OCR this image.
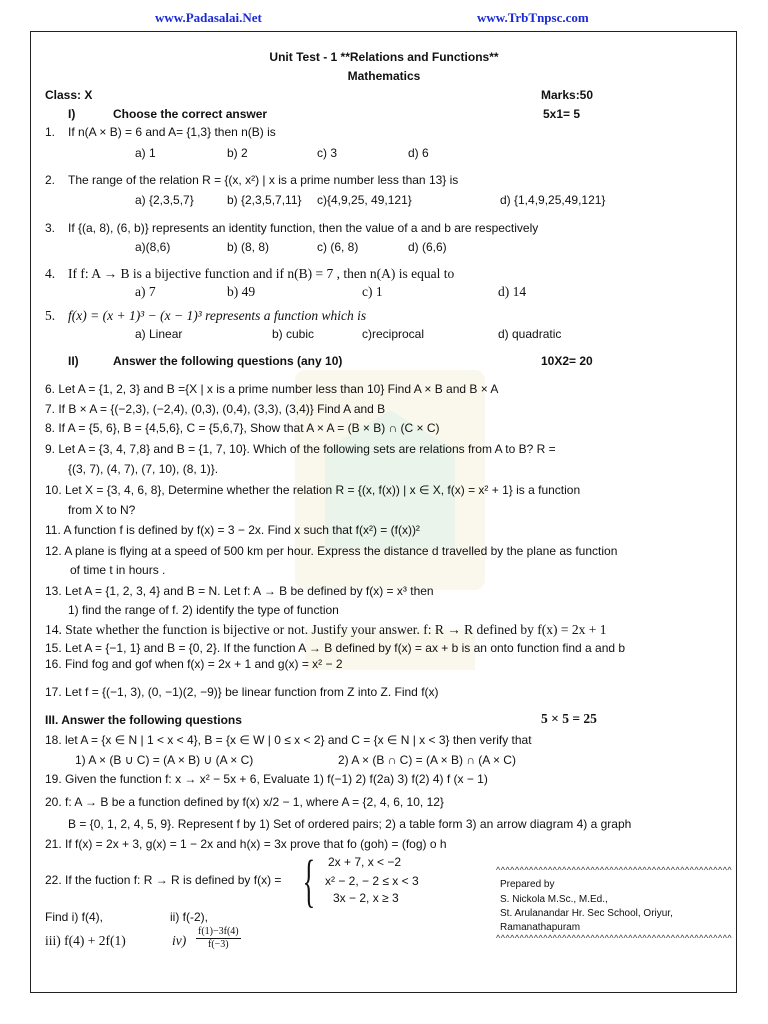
www.Padasalai.Net	www.TrbTnpsc.com
Unit Test - 1 **Relations and Functions**
Mathematics
Class: X	Marks:50
I)	Choose the correct answer	5x1= 5
1. If n(A × B) = 6 and A= {1,3} then n(B) is
a) 1	b) 2	c) 3	d) 6
2. The range of the relation R = {(x, x²) | x is a prime number less than 13} is
a) {2,3,5,7}	b) {2,3,5,7,11} c){4,9,25, 49,121}	d) {1,4,9,25,49,121}
3. If {(a, 8), (6, b)} represents an identity function, then the value of a and b are respectively
a)(8,6)	b) (8, 8)	c) (6, 8)	d) (6,6)
4. If f: A → B is a bijective function and if n(B) = 7 , then n(A) is equal to
a) 7	b) 49	c) 1	d) 14
5. f(x) = (x + 1)³ − (x − 1)³ represents a function which is
a) Linear	b) cubic	c)reciprocal	d) quadratic
II)	Answer the following questions (any 10)	10X2= 20
6. Let A = {1, 2, 3} and B ={X | x is a prime number less than 10} Find A × B and B × A
7. If B × A = {(−2,3), (−2,4), (0,3), (0,4), (3,3), (3,4)} Find A and B
8. If A = {5, 6}, B = {4,5,6}, C = {5,6,7}, Show that A × A = (B × B) ∩ (C × C)
9. Let A = {3, 4, 7,8} and B = {1, 7, 10}. Which of the following sets are relations from A to B? R =
{(3, 7), (4, 7), (7, 10), (8, 1)}.
10. Let X = {3, 4, 6, 8}, Determine whether the relation R = {(x, f(x)) | x ∈ X, f(x) = x² + 1} is a function
from X to N?
11. A function f is defined by f(x) = 3 − 2x. Find x such that f(x²) = (f(x))²
12. A plane is flying at a speed of 500 km per hour. Express the distance d travelled by the plane as function
of time t in hours .
13. Let A = {1, 2, 3, 4} and B = N. Let f: A → B be defined by f(x) = x³ then
1) find the range of f. 2) identify the type of function
14. State whether the function is bijective or not. Justify your answer. f: R → R defined by f(x) = 2x + 1
15. Let A = {−1, 1} and B = {0, 2}. If the function A → B defined by f(x) = ax + b is an onto function find a and b
16. Find fog and gof when f(x) = 2x + 1 and g(x) = x² − 2
17. Let f = {(−1, 3), (0, −1)(2, −9)} be linear function from Z into Z. Find f(x)
III. Answer the following questions	5 × 5 = 25
18. let A = {x ∈ N | 1 < x < 4}, B = {x ∈ W | 0 ≤ x < 2} and C = {x ∈ N | x < 3} then verify that
1) A × (B ∪ C) = (A × B) ∪ (A × C)	2) A × (B ∩ C) = (A × B) ∩ (A × C)
19. Given the function f: x → x² − 5x + 6, Evaluate 1) f(−1) 2) f(2a) 3) f(2) 4) f (x − 1)
20. f: A → B be a function defined by f(x) x/2 − 1, where A = {2, 4, 6, 10, 12}
B = {0, 1, 2, 4, 5, 9}. Represent f by 1) Set of ordered pairs; 2) a table form 3) an arrow diagram 4) a graph
21. If f(x) = 2x + 3, g(x) = 1 − 2x and h(x) = 3x prove that fo (goh) = (fog) o h
22. If the fuction f: R → R is defined by f(x) = { 2x + 7, x < −2
x² − 2, − 2 ≤ x < 3
3x − 2, x ≥ 3
^^^^^^^^^^^^^^^^^^^^^^^^^^^^^^^^^^^^^^^^^^^^^^^^^^
Prepared by
S. Nickola M.Sc., M.Ed.,
St. Arulanandar Hr. Sec School, Oriyur,
Ramanathapuram
^^^^^^^^^^^^^^^^^^^^^^^^^^^^^^^^^^^^^^^^^^^^^^^^^^
Find i) f(4),	ii) f(-2),
iii) f(4) + 2f(1)	$iv) \frac{f(1)-3f(4)}{f(-3)}$
